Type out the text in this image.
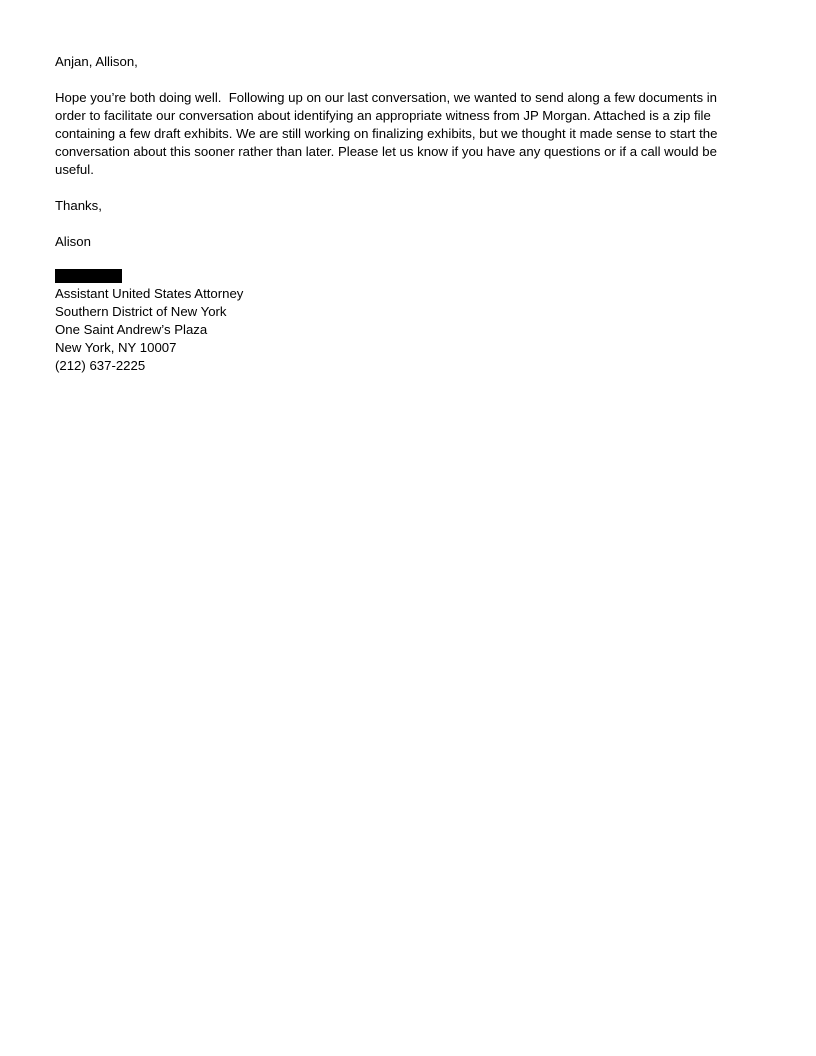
Anjan, Allison,

Hope you’re both doing well.  Following up on our last conversation, we wanted to send along a few documents in

order to facilitate our conversation about identifying an appropriate witness from JP Morgan. Attached is a zip file

containing a few draft exhibits. We are still working on finalizing exhibits, but we thought it made sense to start the

conversation about this sooner rather than later. Please let us know if you have any questions or if a call would be

useful.

Thanks,

Alison

Assistant United States Attorney

Southern District of New York

One Saint Andrew’s Plaza

New York, NY 10007

(212) 637-2225
